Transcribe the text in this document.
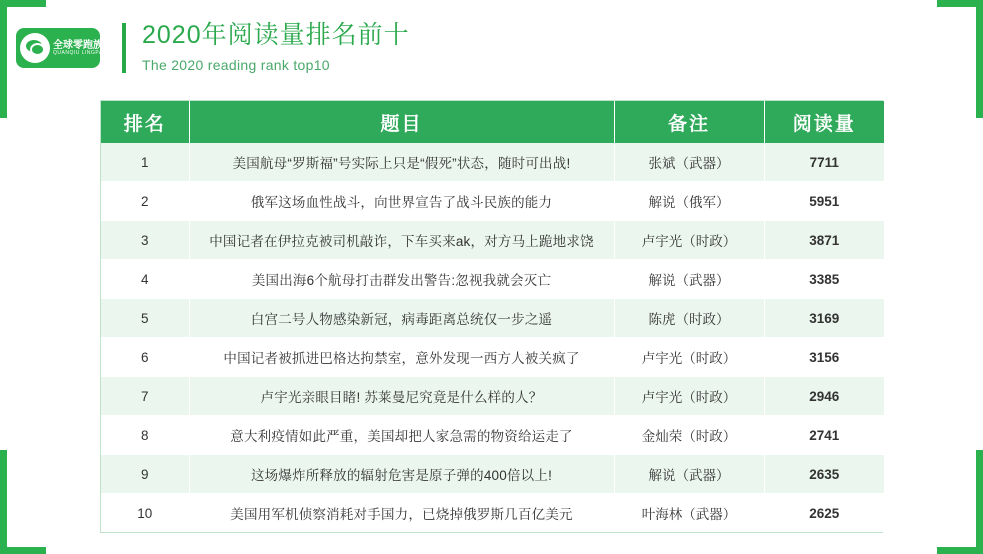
全球零跑族
QUANQIU LINGPAOZU
2020年阅读量排名前十
The 2020 reading rank top10
排名	题目	备注	阅读量
1	美国航母“罗斯福”号实际上只是“假死”状态，随时可出战!	张斌（武器）	7711
2	俄军这场血性战斗，向世界宣告了战斗民族的能力	解说（俄军）	5951
3	中国记者在伊拉克被司机敲诈，下车买来ak，对方马上跪地求饶	卢宇光（时政）	3871
4	美国出海6个航母打击群发出警告:忽视我就会灭亡	解说（武器）	3385
5	白宫二号人物感染新冠，病毒距离总统仅一步之遥	陈虎（时政）	3169
6	中国记者被抓进巴格达拘禁室，意外发现一西方人被关疯了	卢宇光（时政）	3156
7	卢宇光亲眼目睹! 苏莱曼尼究竟是什么样的人？	卢宇光（时政）	2946
8	意大利疫情如此严重，美国却把人家急需的物资给运走了	金灿荣（时政）	2741
9	这场爆炸所释放的辐射危害是原子弹的400倍以上!	解说（武器）	2635
10	美国用军机侦察消耗对手国力，已烧掉俄罗斯几百亿美元	叶海林（武器）	2625
